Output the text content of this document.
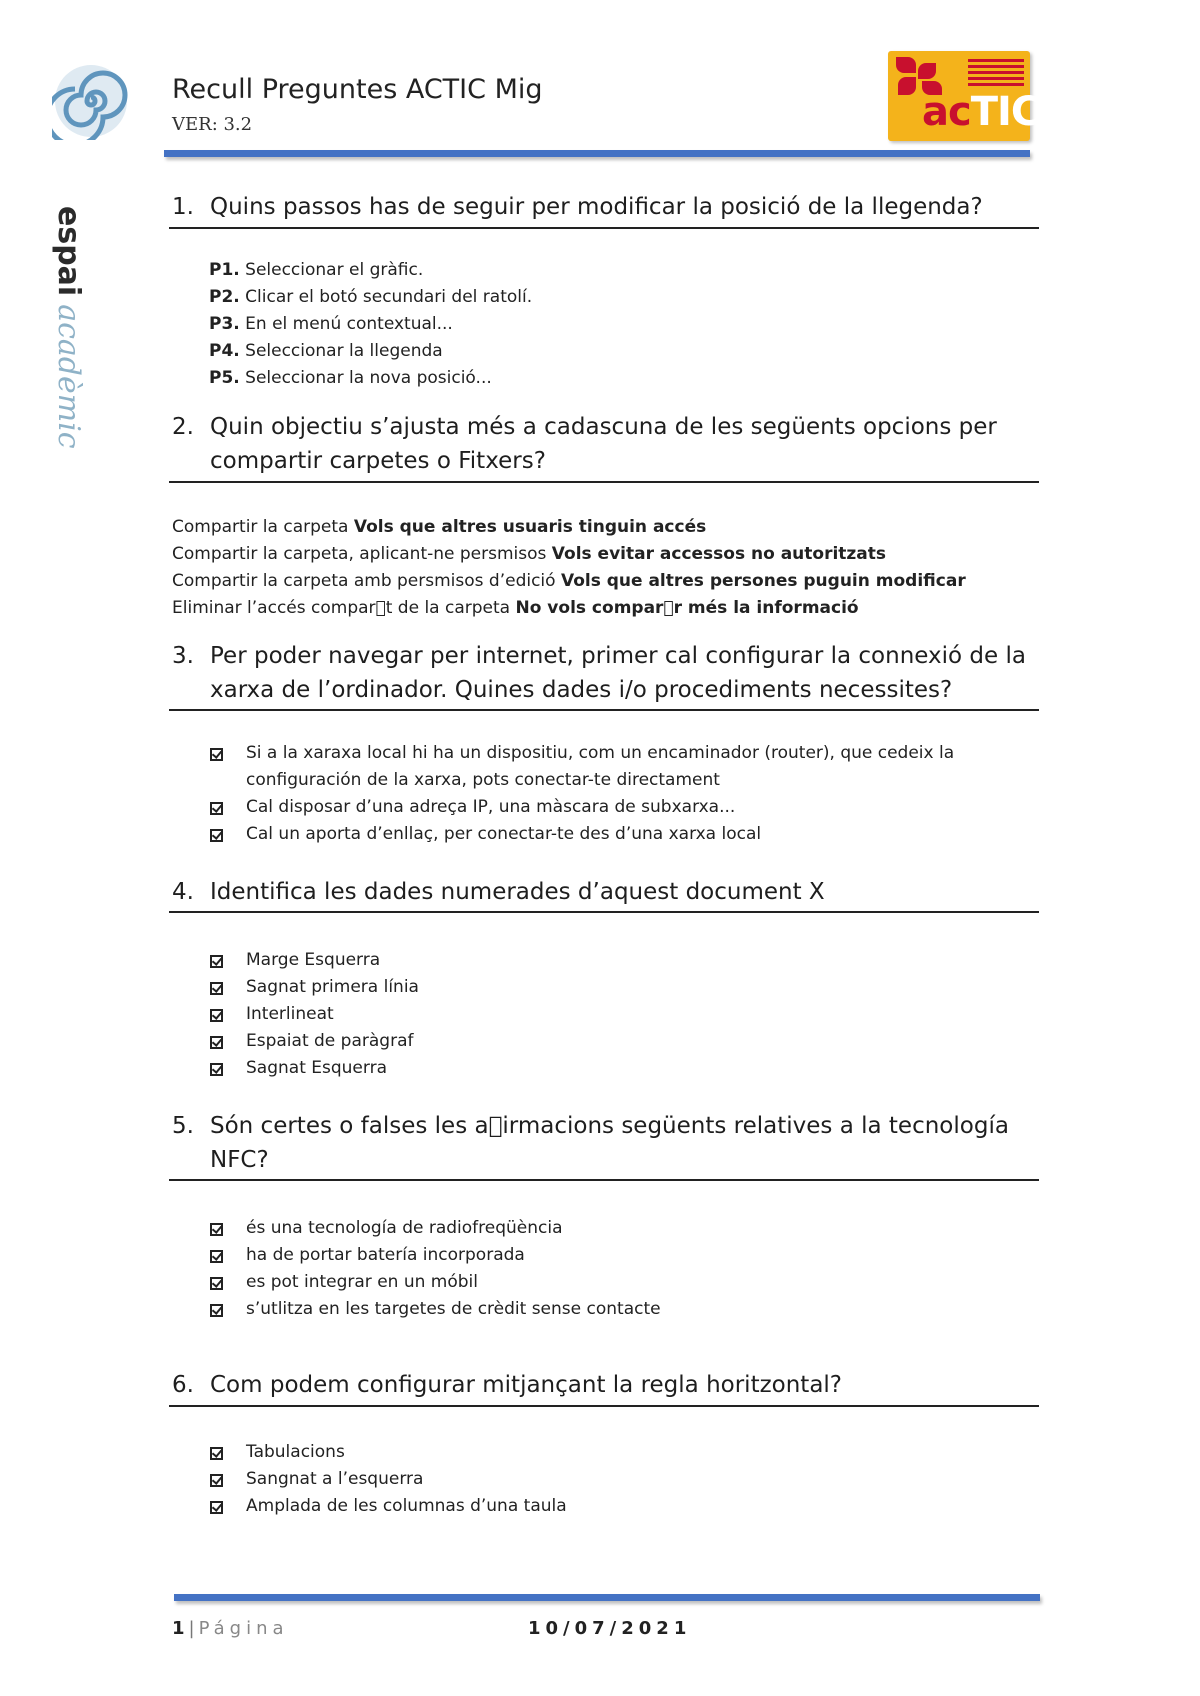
espaiacadèmic
Recull Preguntes ACTIC Mig
VER: 3.2	acTIC
1. Quins passos has de seguir per modificar la posició de la llegenda?
P1. Seleccionar el gràfic.
P2. Clicar el botó secundari del ratolí.
P3. En el menú contextual...
P4. Seleccionar la llegenda
P5. Seleccionar la nova posició...
2. Quin objectiu s’ajusta més a cadascuna de les següents opcions per compartir carpetes o Fitxers?
Compartir la carpeta Vols que altres usuaris tinguin accés
Compartir la carpeta, aplicant-ne persmisos Vols evitar accessos no autoritzats
Compartir la carpeta amb persmisos d’edició Vols que altres persones puguin modificar
Eliminar l’accés compar t de la carpeta No vols compar r més la informació
3. Per poder navegar per internet, primer cal configurar la connexió de la xarxa de l’ordinador. Quines dades i/o procediments necessites?
Si a la xaraxa local hi ha un dispositiu, com un encaminador (router), que cedeix la
configuración de la xarxa, pots conectar-te directament
Cal disposar d’una adreça IP, una màscara de subxarxa...
Cal un aporta d’enllaç, per conectar-te des d’una xarxa local
4. Identifica les dades numerades d’aquest document X
Marge Esquerra
Sagnat primera línia
Interlineat
Espaiat de paràgraf
Sagnat Esquerra
5. Són certes o falses les a irmacions següents relatives a la tecnología NFC?
és una tecnología de radiofreqüència
ha de portar batería incorporada
es pot integrar en un móbil
s’utlitza en les targetes de crèdit sense contacte
6. Com podem configurar mitjançant la regla horitzontal?
Tabulacions
Sangnat a l’esquerra
Amplada de les columnas d’una taula
1 | Página	10/07/2021
